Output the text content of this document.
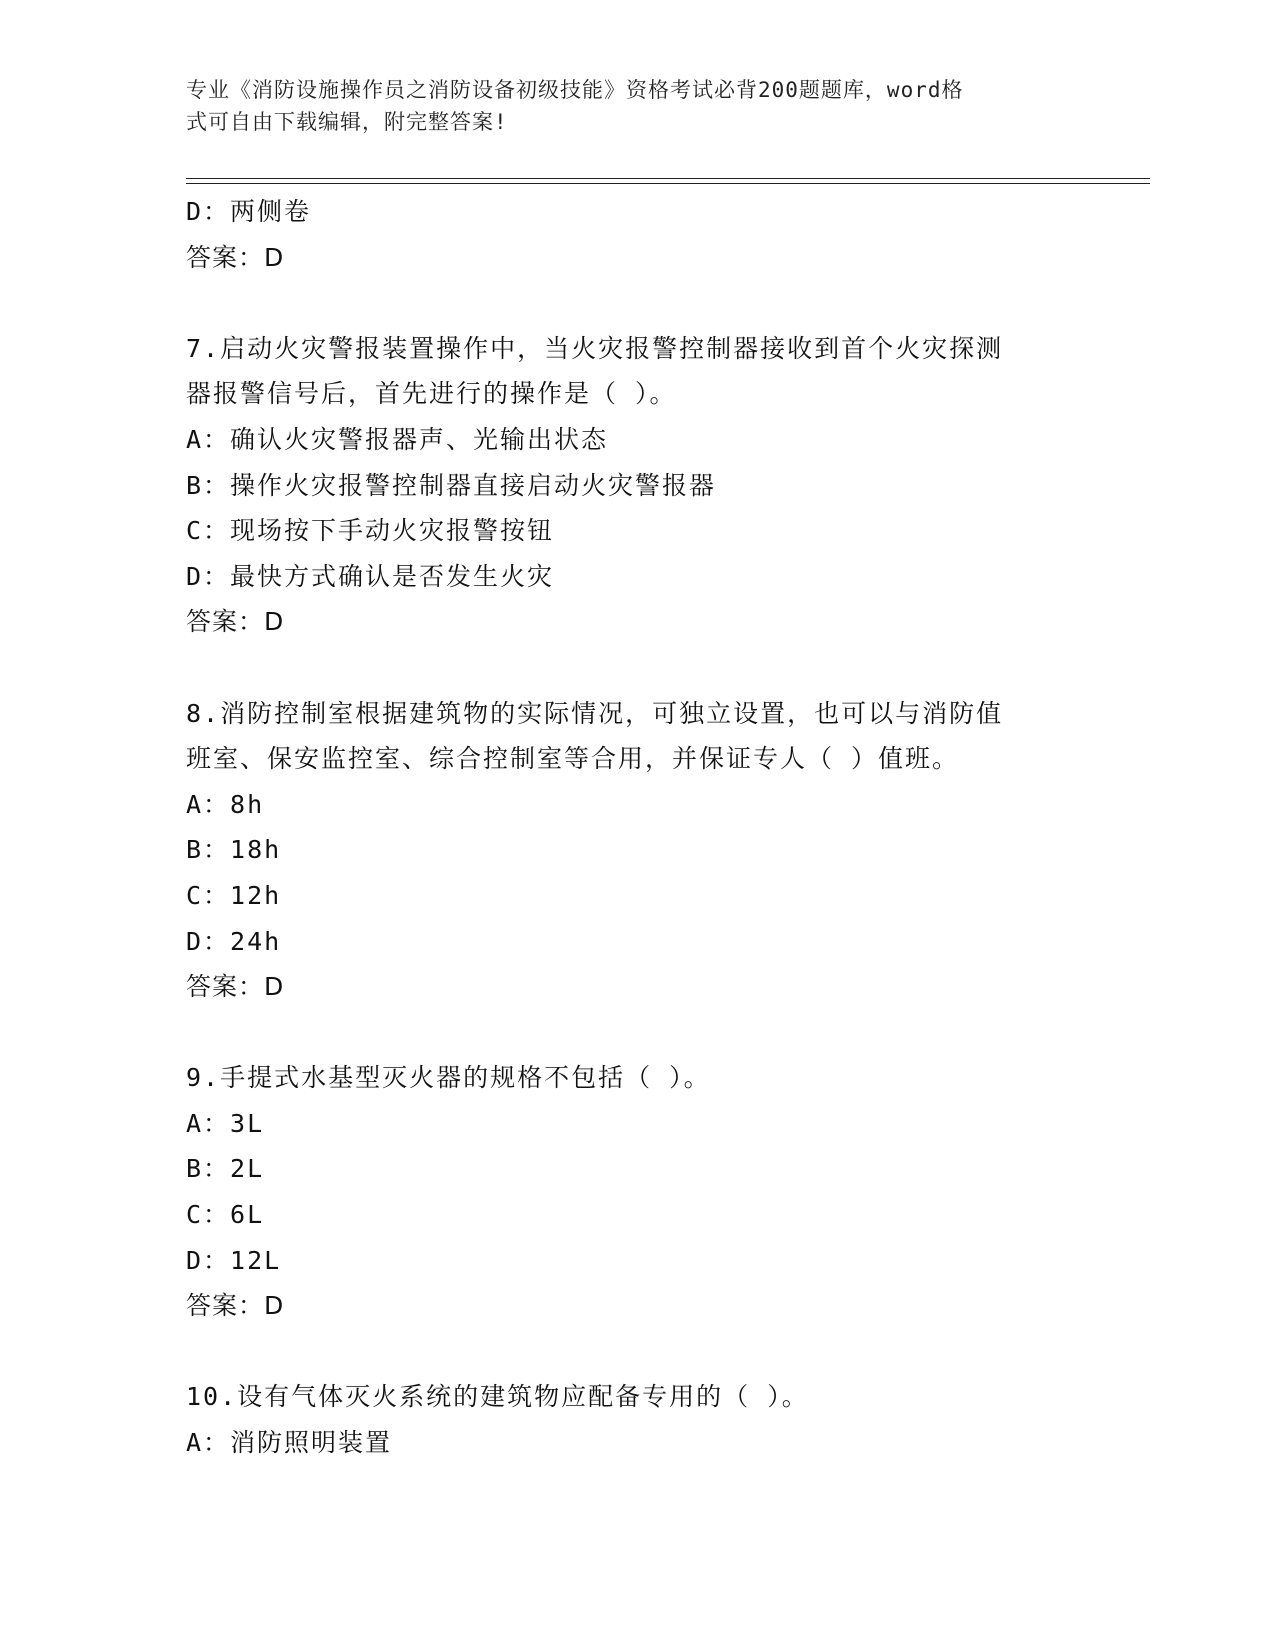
专业《消防设施操作员之消防设备初级技能》资格考试必背200题题库，word格
式可自由下载编辑，附完整答案!
D：两侧卷
答案：D
7.启动火灾警报装置操作中，当火灾报警控制器接收到首个火灾探测
器报警信号后，首先进行的操作是（ ）。
A：确认火灾警报器声、光输出状态
B：操作火灾报警控制器直接启动火灾警报器
C：现场按下手动火灾报警按钮
D：最快方式确认是否发生火灾
答案：D
8.消防控制室根据建筑物的实际情况，可独立设置，也可以与消防值
班室、保安监控室、综合控制室等合用，并保证专人（ ）值班。
A：8h
B：18h
C：12h
D：24h
答案：D
9.手提式水基型灭火器的规格不包括（ ）。
A：3L
B：2L
C：6L
D：12L
答案：D
10.设有气体灭火系统的建筑物应配备专用的（ ）。
A：消防照明装置
